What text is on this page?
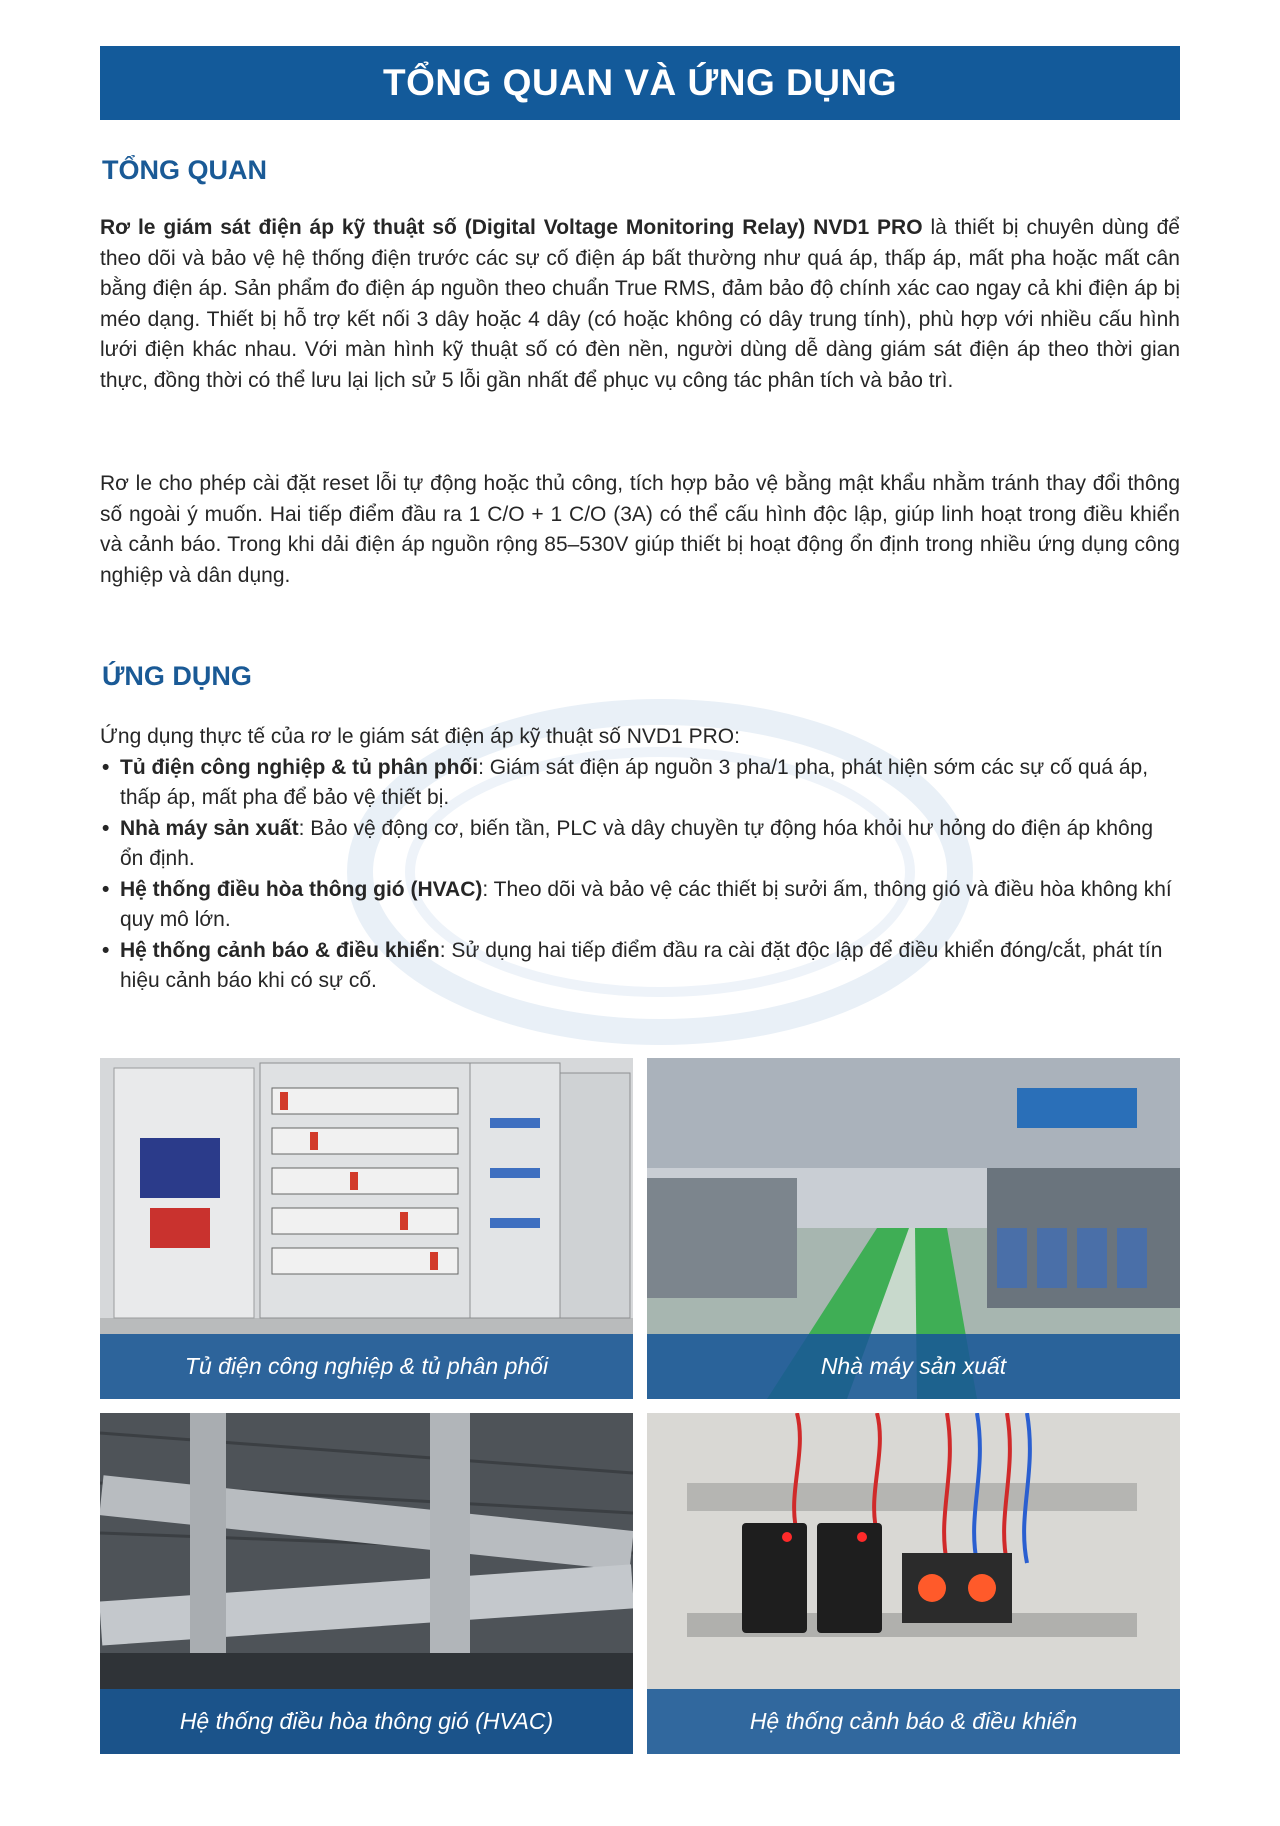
TỔNG QUAN VÀ ỨNG DỤNG
TỔNG QUAN

Rơ le giám sát điện áp kỹ thuật số (Digital Voltage Monitoring Relay) NVD1 PRO là thiết bị chuyên dùng để theo dõi và bảo vệ hệ thống điện trước các sự cố điện áp bất thường như quá áp, thấp áp, mất pha hoặc mất cân bằng điện áp. Sản phẩm đo điện áp nguồn theo chuẩn True RMS, đảm bảo độ chính xác cao ngay cả khi điện áp bị méo dạng. Thiết bị hỗ trợ kết nối 3 dây hoặc 4 dây (có hoặc không có dây trung tính), phù hợp với nhiều cấu hình lưới điện khác nhau. Với màn hình kỹ thuật số có đèn nền, người dùng dễ dàng giám sát điện áp theo thời gian thực, đồng thời có thể lưu lại lịch sử 5 lỗi gần nhất để phục vụ công tác phân tích và bảo trì.

Rơ le cho phép cài đặt reset lỗi tự động hoặc thủ công, tích hợp bảo vệ bằng mật khẩu nhằm tránh thay đổi thông số ngoài ý muốn. Hai tiếp điểm đầu ra 1 C/O + 1 C/O (3A) có thể cấu hình độc lập, giúp linh hoạt trong điều khiển và cảnh báo. Trong khi dải điện áp nguồn rộng 85–530V giúp thiết bị hoạt động ổn định trong nhiều ứng dụng công nghiệp và dân dụng.

ỨNG DỤNG
Ứng dụng thực tế của rơ le giám sát điện áp kỹ thuật số NVD1 PRO:
• Tủ điện công nghiệp & tủ phân phối: Giám sát điện áp nguồn 3 pha/1 pha, phát hiện sớm các sự cố quá áp, thấp áp, mất pha để bảo vệ thiết bị.
• Nhà máy sản xuất: Bảo vệ động cơ, biến tần, PLC và dây chuyền tự động hóa khỏi hư hỏng do điện áp không ổn định.
• Hệ thống điều hòa thông gió (HVAC): Theo dõi và bảo vệ các thiết bị sưởi ấm, thông gió và điều hòa không khí quy mô lớn.
• Hệ thống cảnh báo & điều khiển: Sử dụng hai tiếp điểm đầu ra cài đặt độc lập để điều khiển đóng/cắt, phát tín hiệu cảnh báo khi có sự cố.
Tủ điện công nghiệp & tủ phân phối	Nhà máy sản xuất
Hệ thống điều hòa thông gió (HVAC)	Hệ thống cảnh báo & điều khiển
